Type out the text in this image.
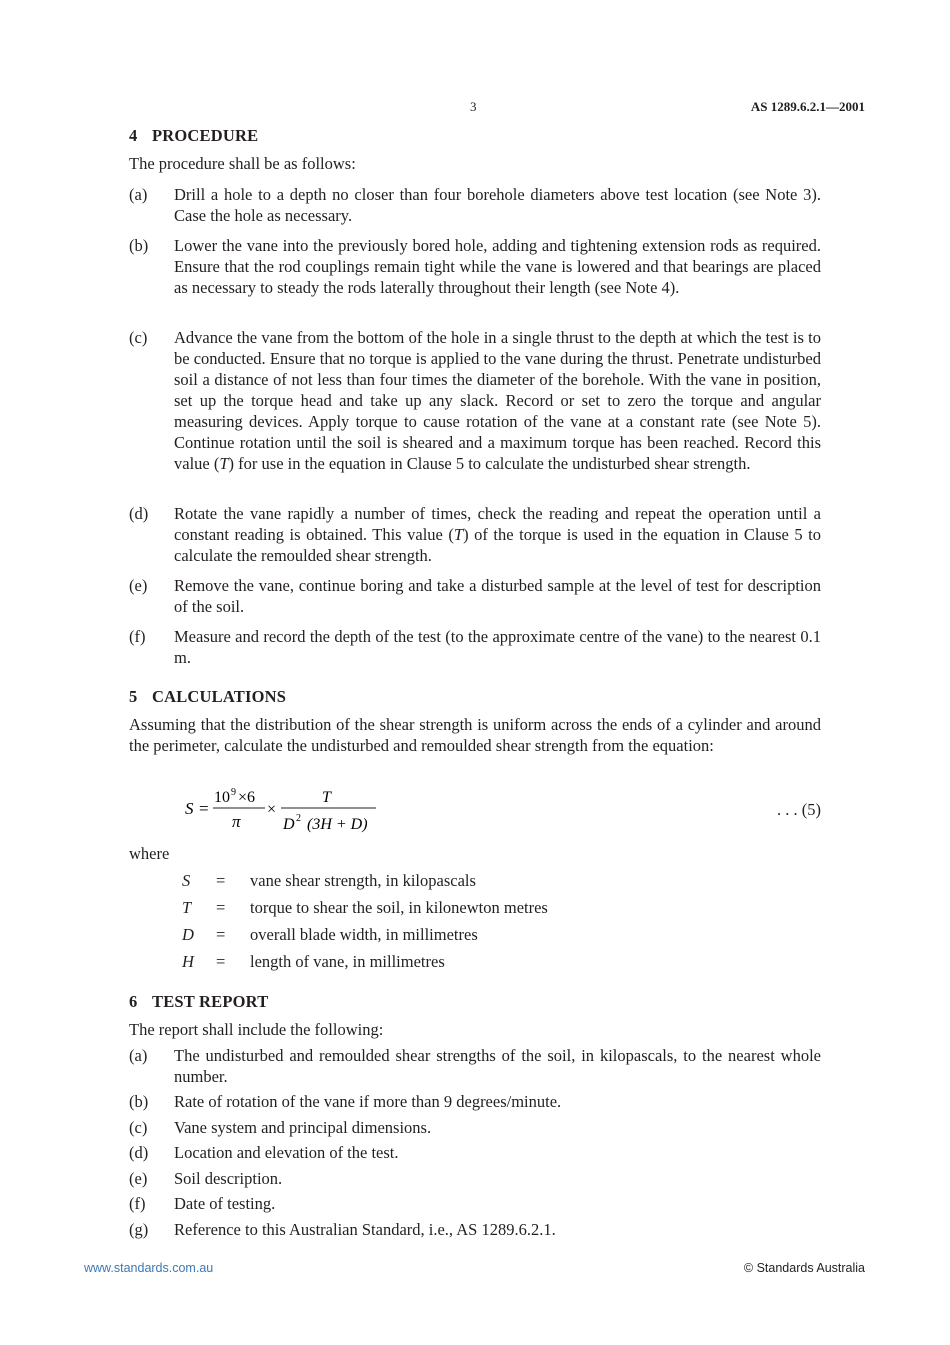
3	AS 1289.6.2.1—2001
4 PROCEDURE
The procedure shall be as follows:
(a) Drill a hole to a depth no closer than four borehole diameters above test location (see Note 3). Case the hole as necessary.
(b) Lower the vane into the previously bored hole, adding and tightening extension rods as required. Ensure that the rod couplings remain tight while the vane is lowered and that bearings are placed as necessary to steady the rods laterally throughout their length (see Note 4).
(c) Advance the vane from the bottom of the hole in a single thrust to the depth at which the test is to be conducted. Ensure that no torque is applied to the vane during the thrust. Penetrate undisturbed soil a distance of not less than four times the diameter of the borehole. With the vane in position, set up the torque head and take up any slack. Record or set to zero the torque and angular measuring devices. Apply torque to cause rotation of the vane at a constant rate (see Note 5). Continue rotation until the soil is sheared and a maximum torque has been reached. Record this value (T) for use in the equation in Clause 5 to calculate the undisturbed shear strength.
(d) Rotate the vane rapidly a number of times, check the reading and repeat the operation until a constant reading is obtained. This value (T) of the torque is used in the equation in Clause 5 to calculate the remoulded shear strength.
(e) Remove the vane, continue boring and take a disturbed sample at the level of test for description of the soil.
(f) Measure and record the depth of the test (to the approximate centre of the vane) to the nearest 0.1 m.
5 CALCULATIONS
Assuming that the distribution of the shear strength is uniform across the ends of a cylinder and around the perimeter, calculate the undisturbed and remoulded shear strength from the equation:
S =
10 9 ×6
π
×
T
D 2 (3H + D)
. . . (5)
where
S = vane shear strength, in kilopascals
T = torque to shear the soil, in kilonewton metres
D = overall blade width, in millimetres
H = length of vane, in millimetres
6 TEST REPORT
The report shall include the following:
(a) The undisturbed and remoulded shear strengths of the soil, in kilopascals, to the nearest whole number.
(b) Rate of rotation of the vane if more than 9 degrees/minute.
(c) Vane system and principal dimensions.
(d) Location and elevation of the test.
(e) Soil description.
(f) Date of testing.
(g) Reference to this Australian Standard, i.e., AS 1289.6.2.1.
www.standards.com.au	© Standards Australia
